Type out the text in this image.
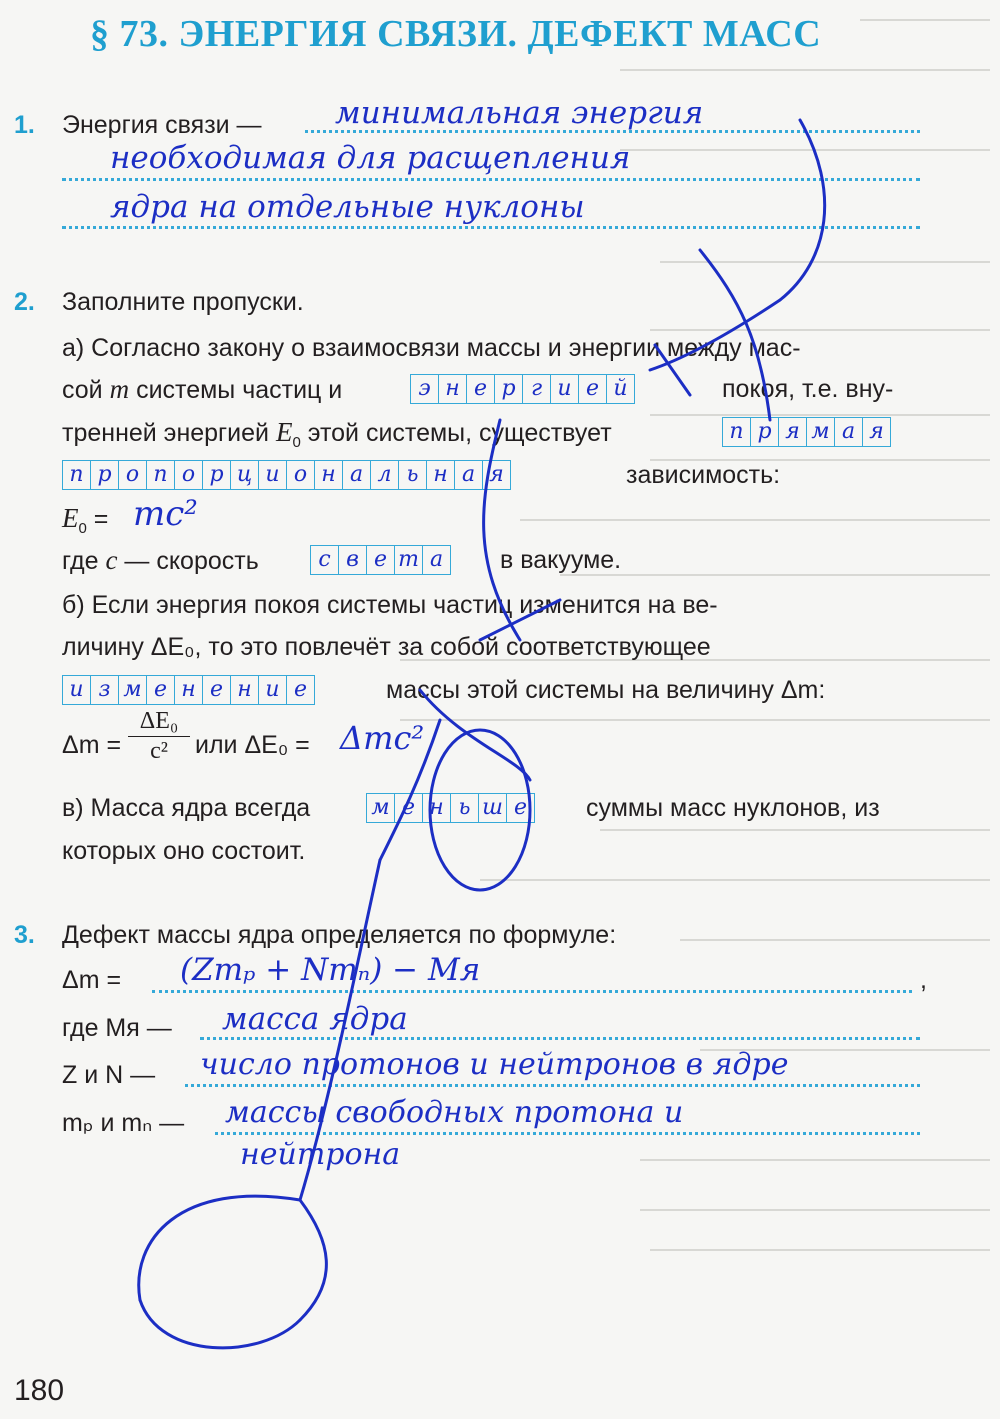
§ 73. ЭНЕРГИЯ СВЯЗИ. ДЕФЕКТ МАСС
1. Энергия связи — минимальная энергия
необходимая для расщепления
ядра на отдельные нуклоны
2. Заполните пропуски.
а) Согласно закону о взаимосвязи массы и энергии между мас-
сой m системы частиц и	э н е р г и е й	покоя, т.е. вну-
тренней энергией $E_0$ этой системы, существует	п р я м а я
п р о п о р ц и о н а л ь н а я	зависимость:
$E_0 = mc^2$
где c — скорость	с в е т а	в вакууме.
б) Если энергия покоя системы частиц изменится на ве-
личину ΔE₀, то это повлечёт за собой соответствующее
и з м е н е н и е	массы этой системы на величину Δm:
Δm =
ΔE₀
c²	или ΔE₀ = Δmc²
в) Масса ядра всегда	м е н ь ш е	суммы масс нуклонов, из
которых оно состоит.
3. Дефект массы ядра определяется по формуле:
Δm = (Zmₚ + Nmₙ) − Mя	,
где Mя — масса ядра
Z и N — число протонов и нейтронов в ядре
mₚ и mₙ — массы свободных протона и
нейтрона
180
